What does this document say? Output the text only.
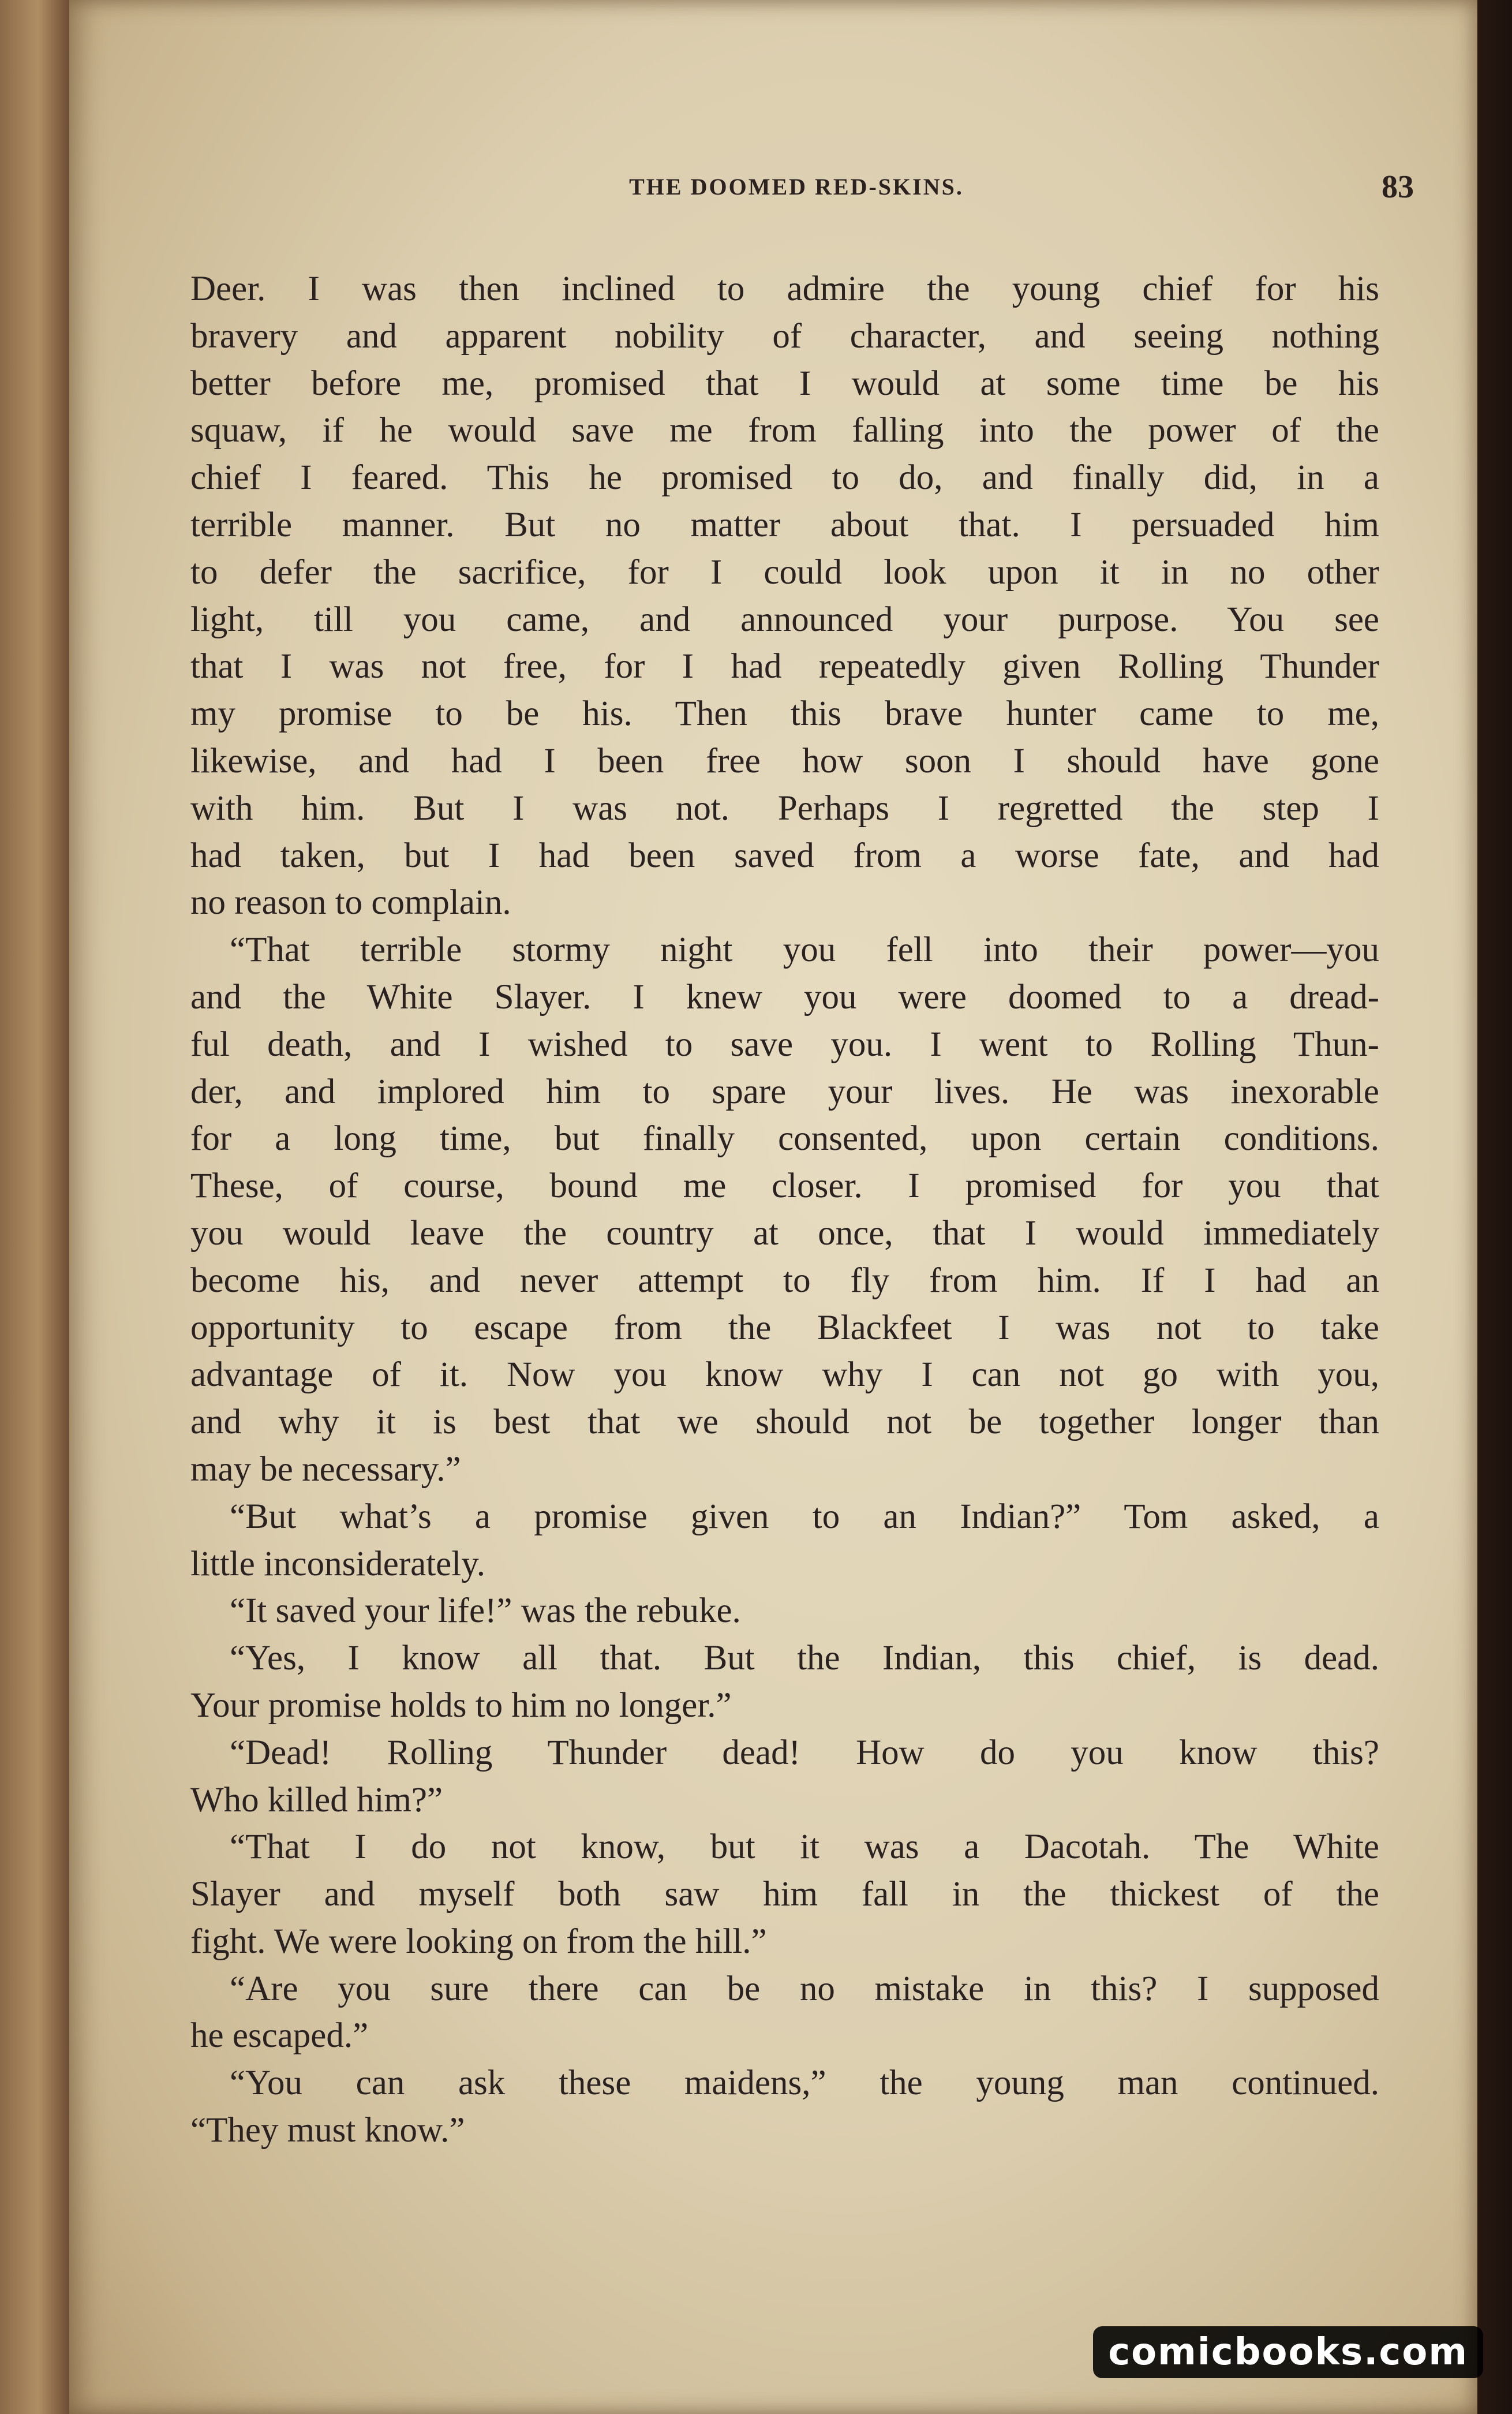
THE DOOMED RED-SKINS.	83
Deer. I was then inclined to admire the young chief for his
bravery and apparent nobility of character, and seeing nothing
better before me, promised that I would at some time be his
squaw, if he would save me from falling into the power of the
chief I feared. This he promised to do, and finally did, in a
terrible manner. But no matter about that. I persuaded him
to defer the sacrifice, for I could look upon it in no other
light, till you came, and announced your purpose. You see
that I was not free, for I had repeatedly given Rolling Thunder
my promise to be his. Then this brave hunter came to me,
likewise, and had I been free how soon I should have gone
with him. But I was not. Perhaps I regretted the step I
had taken, but I had been saved from a worse fate, and had
no reason to complain.
“That terrible stormy night you fell into their power—you
and the White Slayer. I knew you were doomed to a dread-
ful death, and I wished to save you. I went to Rolling Thun-
der, and implored him to spare your lives. He was inexorable
for a long time, but finally consented, upon certain conditions.
These, of course, bound me closer. I promised for you that
you would leave the country at once, that I would immediately
become his, and never attempt to fly from him. If I had an
opportunity to escape from the Blackfeet I was not to take
advantage of it. Now you know why I can not go with you,
and why it is best that we should not be together longer than
may be necessary.”
“But what’s a promise given to an Indian?” Tom asked, a
little inconsiderately.
“It saved your life!” was the rebuke.
“Yes, I know all that. But the Indian, this chief, is dead.
Your promise holds to him no longer.”
“Dead! Rolling Thunder dead! How do you know this?
Who killed him?”
“That I do not know, but it was a Dacotah. The White
Slayer and myself both saw him fall in the thickest of the
fight. We were looking on from the hill.”
“Are you sure there can be no mistake in this? I supposed
he escaped.”
“You can ask these maidens,” the young man continued.
“They must know.”
comicbooks.com
